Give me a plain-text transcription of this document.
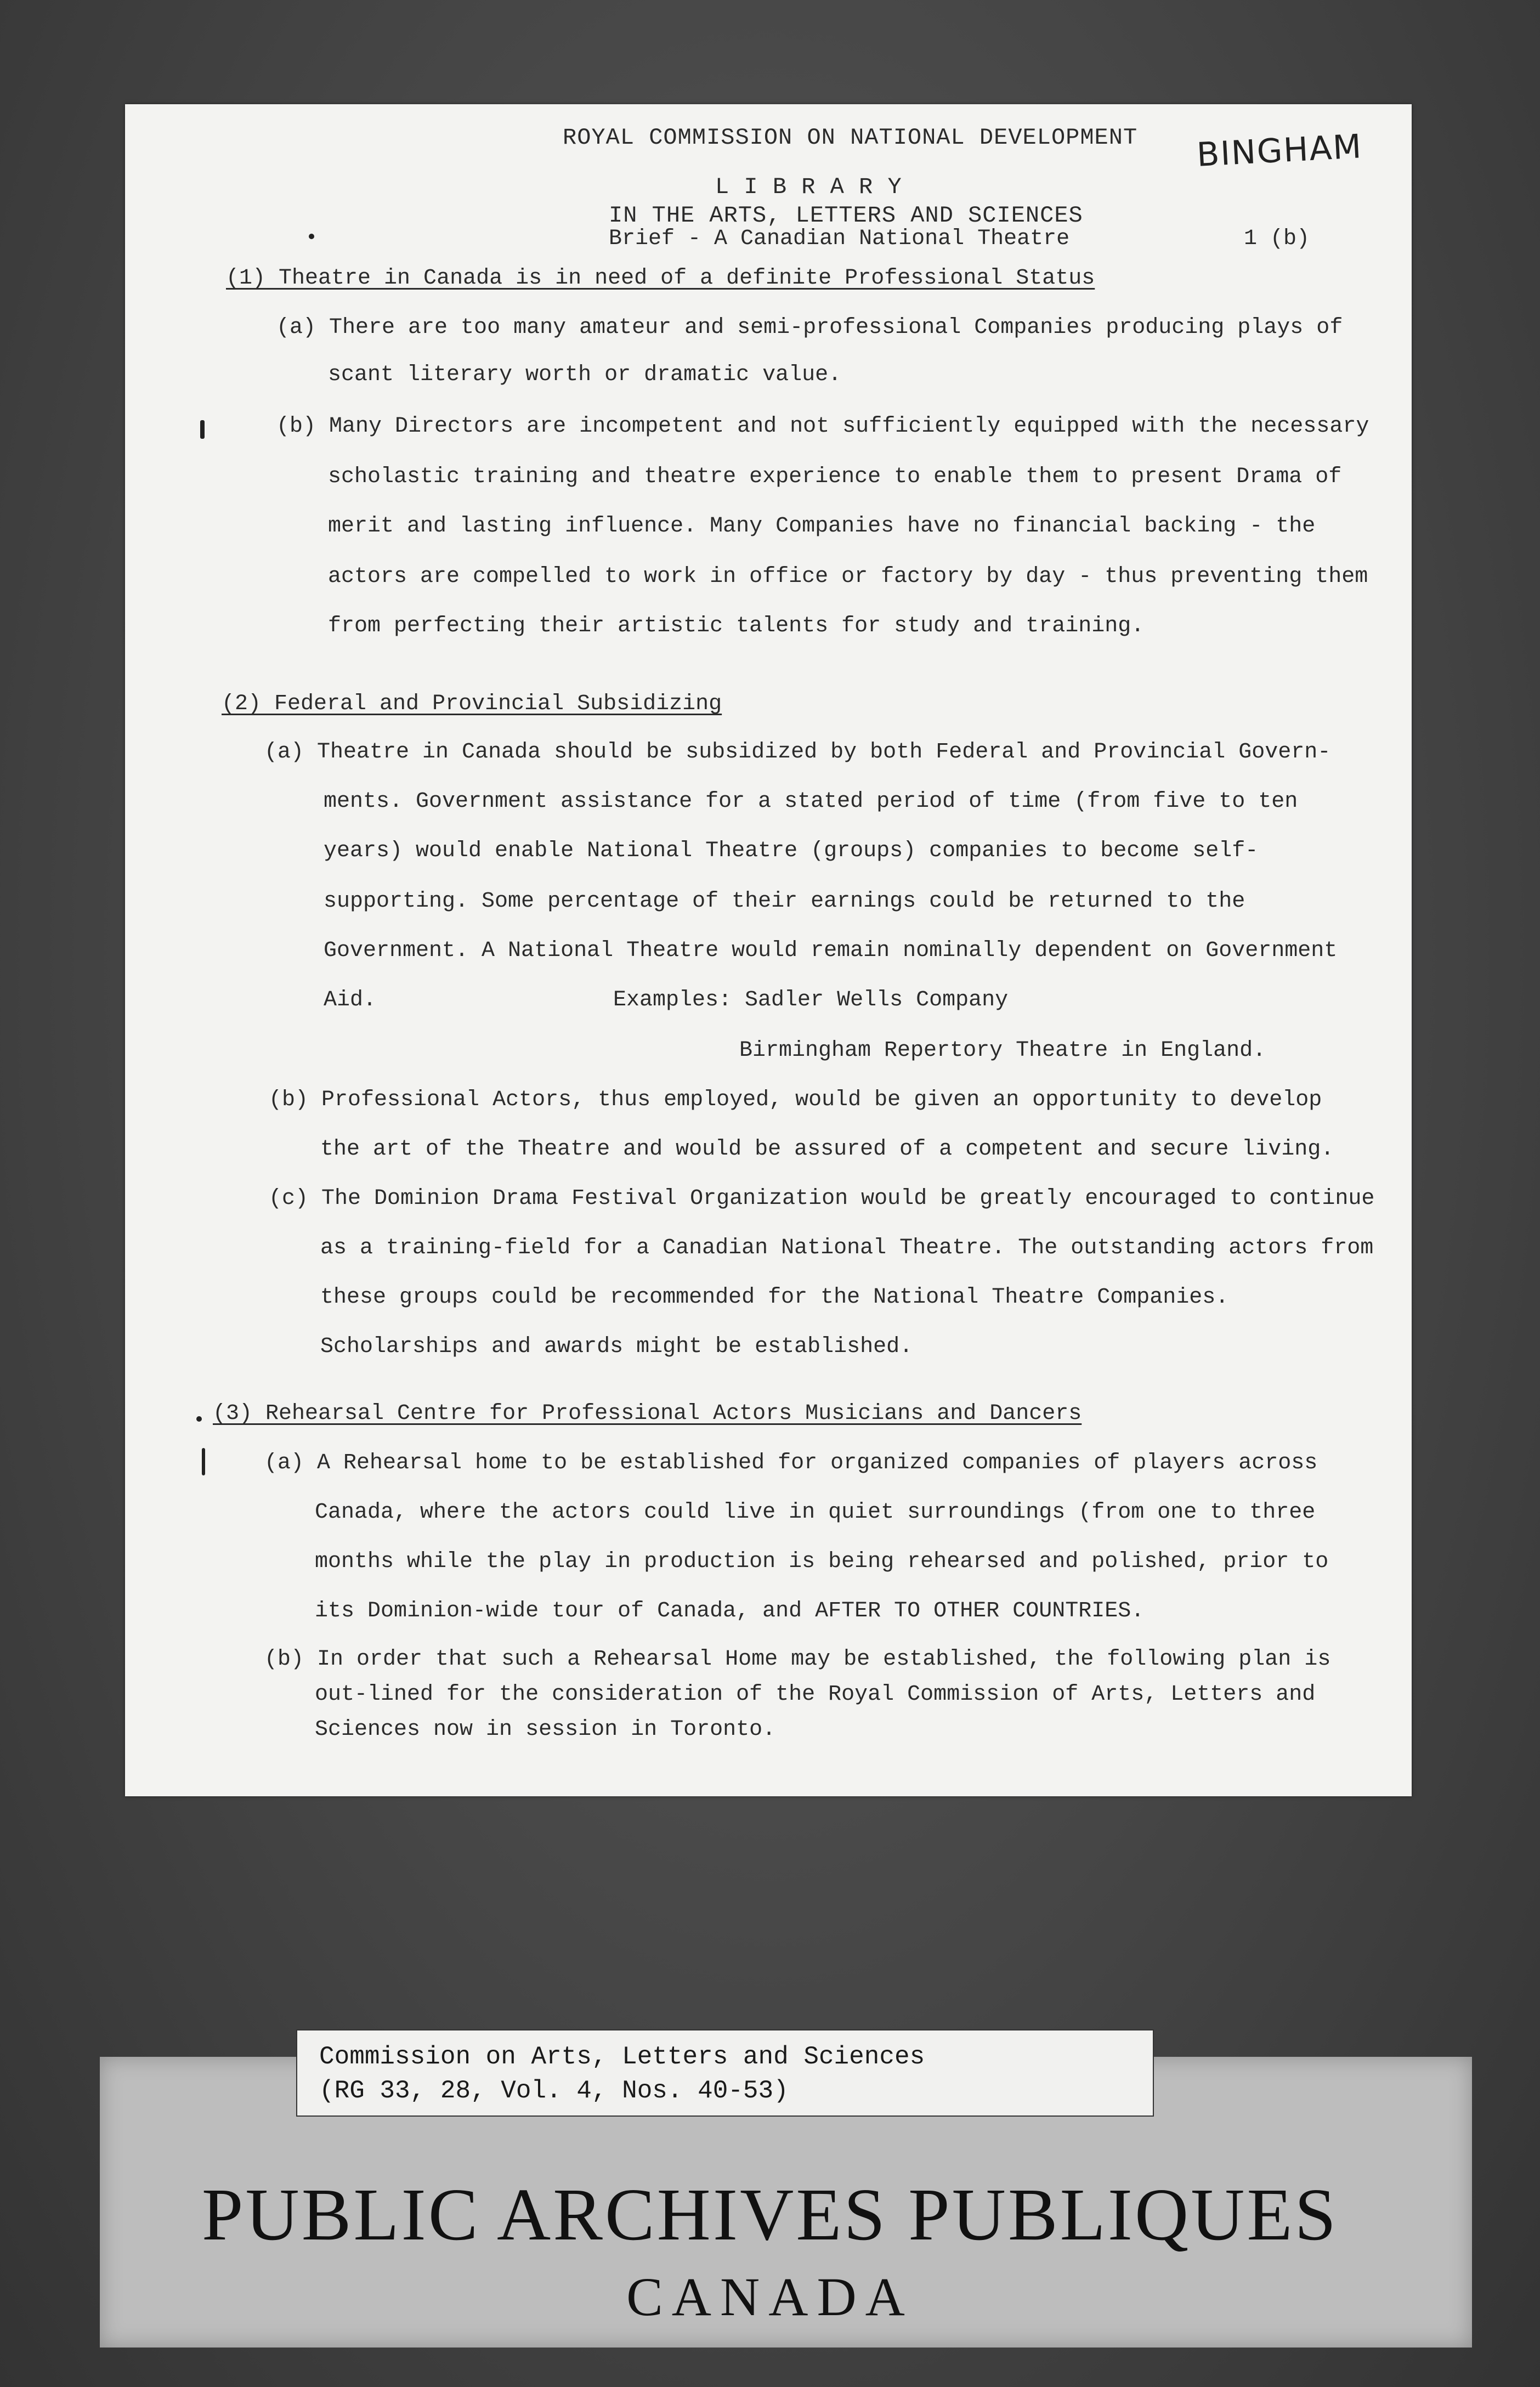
ROYAL COMMISSION ON NATIONAL DEVELOPMENT
L I B R A R Y
IN THE ARTS, LETTERS AND SCIENCES
Brief - A Canadian National Theatre	1 (b)
(1) Theatre in Canada is in need of a definite Professional Status
(a) There are too many amateur and semi-professional Companies producing plays of
scant literary worth or dramatic value.
(b) Many Directors are incompetent and not sufficiently equipped with the necessary
scholastic training and theatre experience to enable them to present Drama of
merit and lasting influence. Many Companies have no financial backing - the
actors are compelled to work in office or factory by day - thus preventing them
from perfecting their artistic talents for study and training.
(2) Federal and Provincial Subsidizing
(a) Theatre in Canada should be subsidized by both Federal and Provincial Govern-
ments. Government assistance for a stated period of time (from five to ten
years) would enable National Theatre (groups) companies to become self-
supporting. Some percentage of their earnings could be returned to the
Government. A National Theatre would remain nominally dependent on Government
Aid.	Examples: Sadler Wells Company
Birmingham Repertory Theatre in England.
(b) Professional Actors, thus employed, would be given an opportunity to develop
the art of the Theatre and would be assured of a competent and secure living.
(c) The Dominion Drama Festival Organization would be greatly encouraged to continue
as a training-field for a Canadian National Theatre. The outstanding actors from
these groups could be recommended for the National Theatre Companies.
Scholarships and awards might be established.
(3) Rehearsal Centre for Professional Actors Musicians and Dancers
(a) A Rehearsal home to be established for organized companies of players across
Canada, where the actors could live in quiet surroundings (from one to three
months while the play in production is being rehearsed and polished, prior to
its Dominion-wide tour of Canada, and AFTER TO OTHER COUNTRIES.
(b) In order that such a Rehearsal Home may be established, the following plan is
out-lined for the consideration of the Royal Commission of Arts, Letters and
Sciences now in session in Toronto.
BINGHAM
Commission on Arts, Letters and Sciences
(RG 33, 28, Vol. 4, Nos. 40-53)
PUBLIC ARCHIVES PUBLIQUES
CANADA
